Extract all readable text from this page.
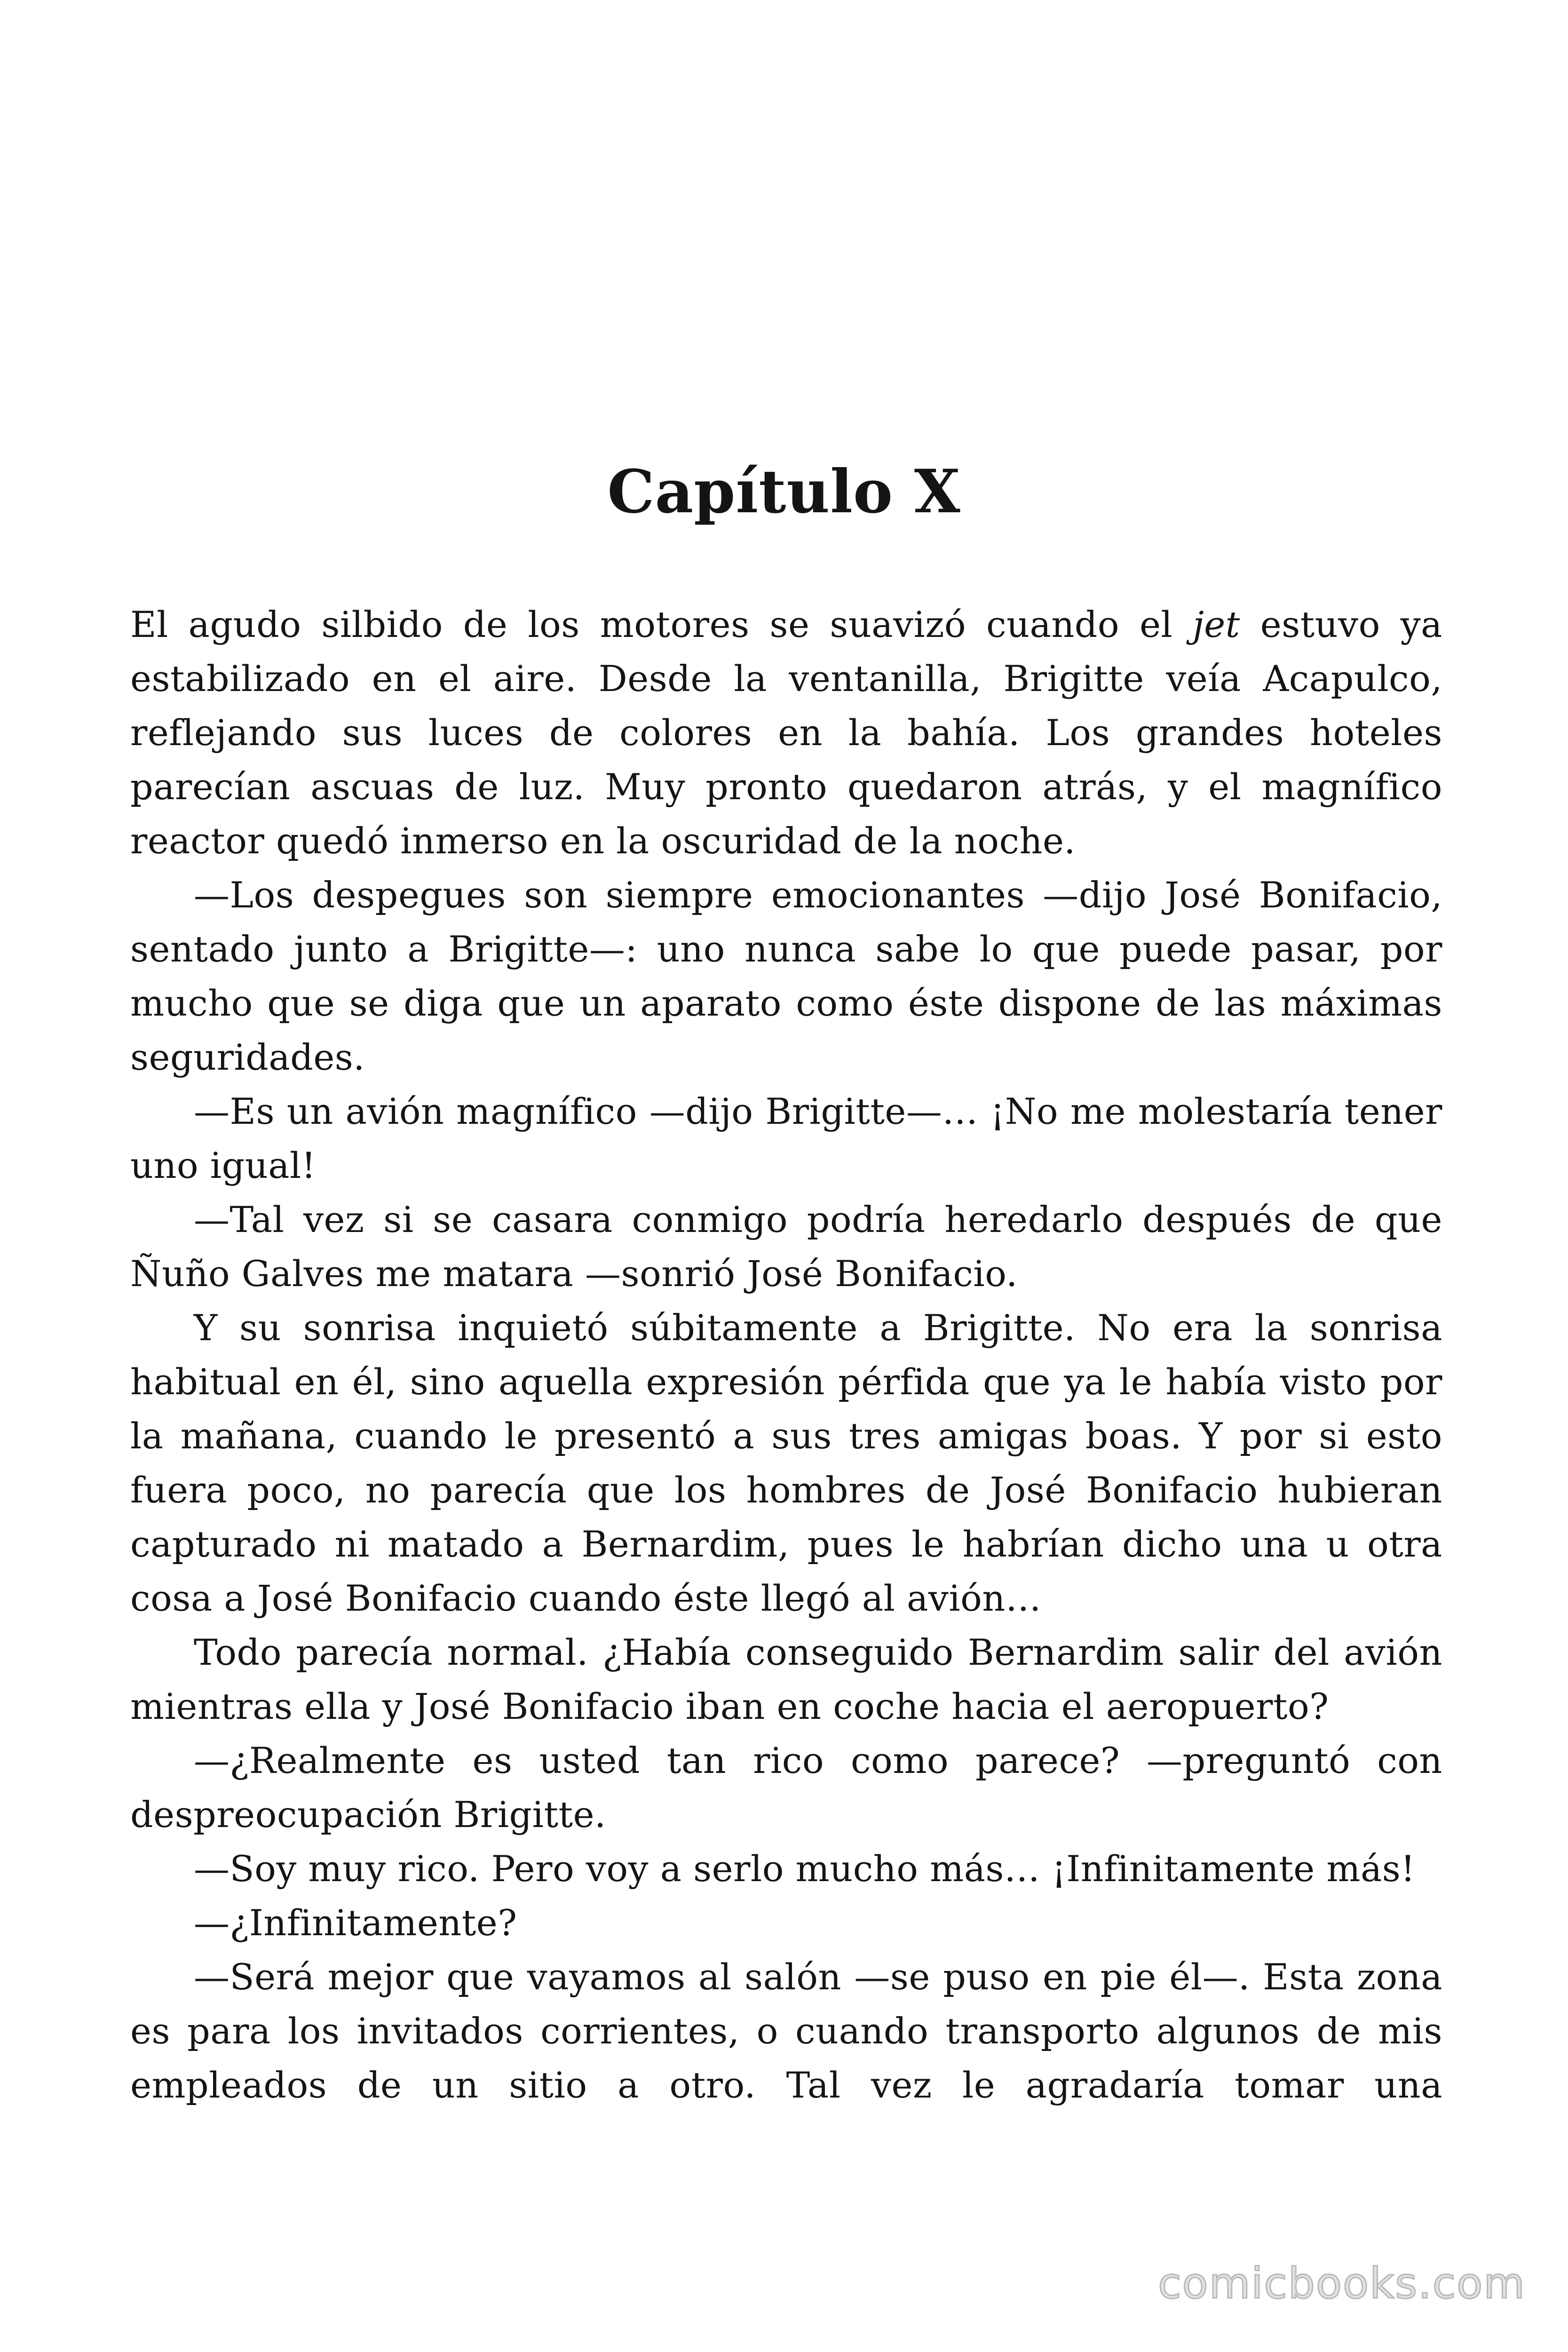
Capítulo X

El agudo silbido de los motores se suavizó cuando el jet estuvo ya estabilizado en el aire. Desde la ventanilla, Brigitte veía Acapulco, reflejando sus luces de colores en la bahía. Los grandes hoteles parecían ascuas de luz. Muy pronto quedaron atrás, y el magnífico reactor quedó inmerso en la oscuridad de la noche.

—Los despegues son siempre emocionantes —dijo José Bonifacio, sentado junto a Brigitte—: uno nunca sabe lo que puede pasar, por mucho que se diga que un aparato como éste dispone de las máximas seguridades.

—Es un avión magnífico —dijo Brigitte—… ¡No me molestaría tener uno igual!

—Tal vez si se casara conmigo podría heredarlo después de que Ñuño Galves me matara —sonrió José Bonifacio.

Y su sonrisa inquietó súbitamente a Brigitte. No era la sonrisa habitual en él, sino aquella expresión pérfida que ya le había visto por la mañana, cuando le presentó a sus tres amigas boas. Y por si esto fuera poco, no parecía que los hombres de José Bonifacio hubieran capturado ni matado a Bernardim, pues le habrían dicho una u otra cosa a José Bonifacio cuando éste llegó al avión…

Todo parecía normal. ¿Había conseguido Bernardim salir del avión mientras ella y José Bonifacio iban en coche hacia el aeropuerto?

—¿Realmente es usted tan rico como parece? —preguntó con despreocupación Brigitte.

—Soy muy rico. Pero voy a serlo mucho más… ¡Infinitamente más!

—¿Infinitamente?

—Será mejor que vayamos al salón —se puso en pie él—. Esta zona es para los invitados corrientes, o cuando transporto algunos de mis empleados de un sitio a otro. Tal vez le agradaría tomar una

comicbooks.com
